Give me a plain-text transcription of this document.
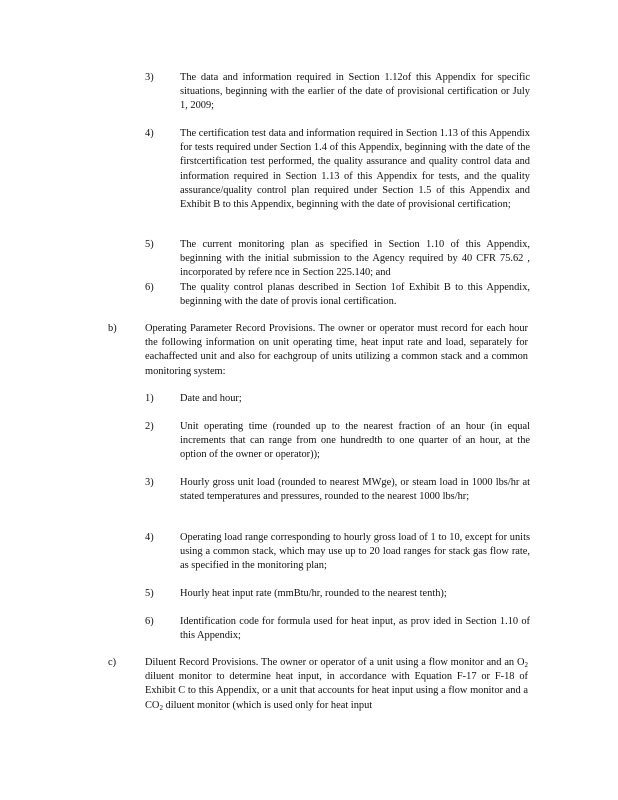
3)	The data and information required in Section 1.12of this Appendix for specific situations, beginning with the earlier of the date of provisional certification or July 1, 2009;
4)	The certification test data and information required in Section 1.13 of this Appendix for tests required under Section 1.4 of this Appendix, beginning with the date of the firstcertification test performed, the quality assurance and quality control data and information required in Section 1.13 of this Appendix for tests, and the quality assurance/quality control plan required under Section 1.5 of this Appendix and Exhibit B to this Appendix, beginning with the date of provisional certification;
5)	The current monitoring plan as specified in Section 1.10 of this Appendix, beginning with the initial submission to the Agency required by 40 CFR 75.62 , incorporated by refere nce in Section 225.140; and
6)	The quality control planas described in Section 1of Exhibit B to this Appendix, beginning with the date of provis ional certification.
b)	Operating Parameter Record Provisions. The owner or operator must record for each hour the following information on unit operating time, heat input rate and load, separately for eachaffected unit and also for eachgroup of units utilizing a common stack and a common monitoring system:
1)	Date and hour;
2)	Unit operating time (rounded up to the nearest fraction of an hour (in equal increments that can range from one hundredth to one quarter of an hour, at the option of the owner or operator));
3)	Hourly gross unit load (rounded to nearest MWge), or steam load in 1000 lbs/hr at stated temperatures and pressures, rounded to the nearest 1000 lbs/hr;
4)	Operating load range corresponding to hourly gross load of 1 to 10, except for units using a common stack, which may use up to 20 load ranges for stack gas flow rate, as specified in the monitoring plan;
5)	Hourly heat input rate (mmBtu/hr, rounded to the nearest tenth);
6)	Identification code for formula used for heat input, as prov ided in Section 1.10 of this Appendix;
c)	Diluent Record Provisions. The owner or operator of a unit using a flow monitor and an $O_2$ diluent monitor to determine heat input, in accordance with Equation F-17 or F-18 of Exhibit C to this Appendix, or a unit that accounts for heat input using a flow monitor and a $CO_2$ diluent monitor (which is used only for heat input
